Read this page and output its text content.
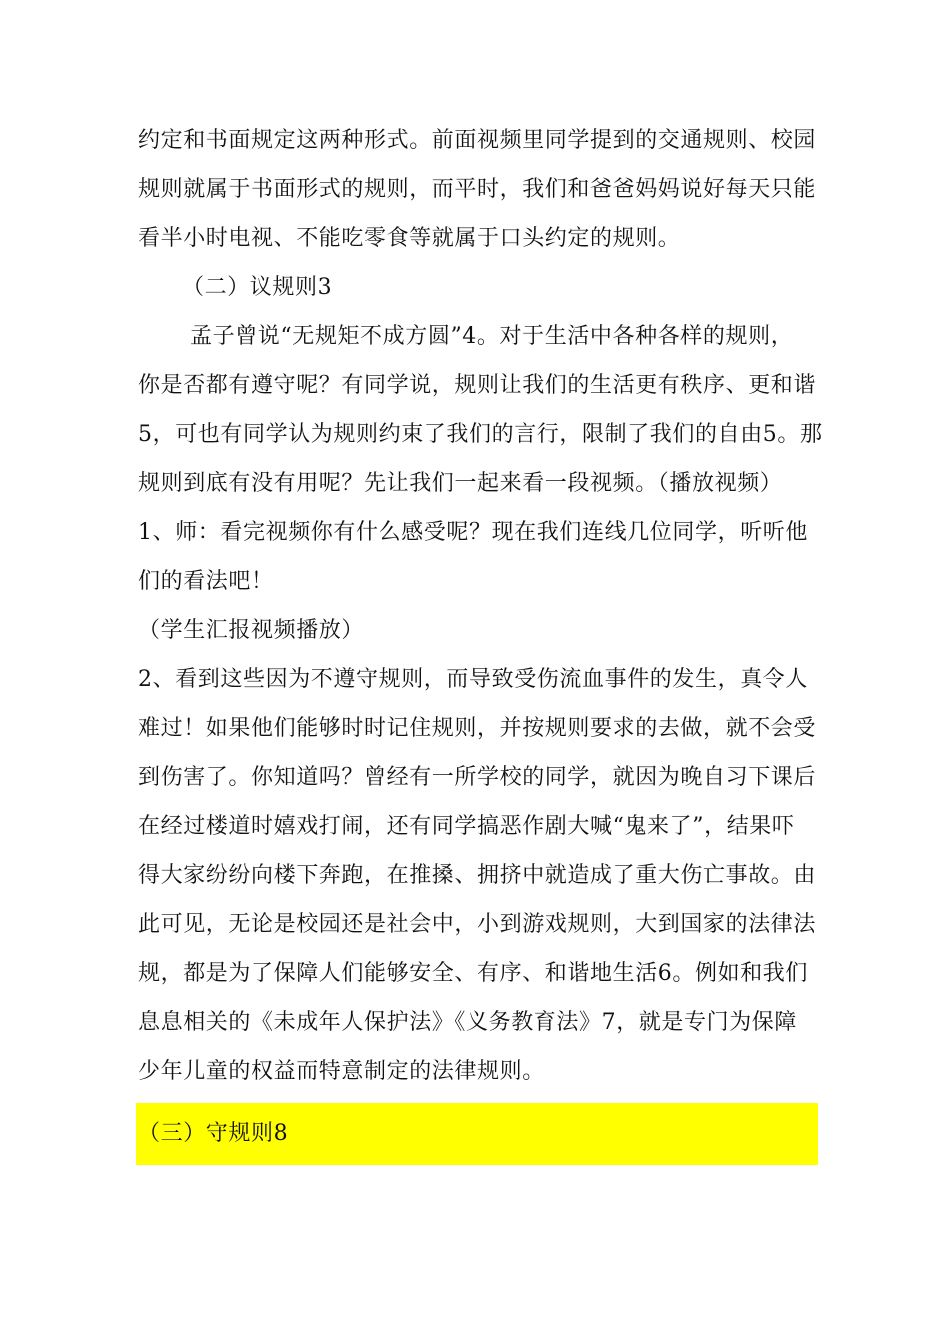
约定和书面规定这两种形式。前面视频里同学提到的交通规则、校园
规则就属于书面形式的规则，而平时，我们和爸爸妈妈说好每天只能
看半小时电视、不能吃零食等就属于口头约定的规则。
（二）议规则3
孟子曾说“无规矩不成方圆”4。对于生活中各种各样的规则，
你是否都有遵守呢？有同学说，规则让我们的生活更有秩序、更和谐
5，可也有同学认为规则约束了我们的言行，限制了我们的自由5。那
规则到底有没有用呢？先让我们一起来看一段视频。（播放视频）
1、师：看完视频你有什么感受呢？现在我们连线几位同学，听听他
们的看法吧！
（学生汇报视频播放）
2、看到这些因为不遵守规则，而导致受伤流血事件的发生，真令人
难过！如果他们能够时时记住规则，并按规则要求的去做，就不会受
到伤害了。你知道吗？曾经有一所学校的同学，就因为晚自习下课后
在经过楼道时嬉戏打闹，还有同学搞恶作剧大喊“鬼来了”，结果吓
得大家纷纷向楼下奔跑，在推搡、拥挤中就造成了重大伤亡事故。由
此可见，无论是校园还是社会中，小到游戏规则，大到国家的法律法
规，都是为了保障人们能够安全、有序、和谐地生活6。例如和我们
息息相关的《未成年人保护法》《义务教育法》7，就是专门为保障
少年儿童的权益而特意制定的法律规则。
（三）守规则8
